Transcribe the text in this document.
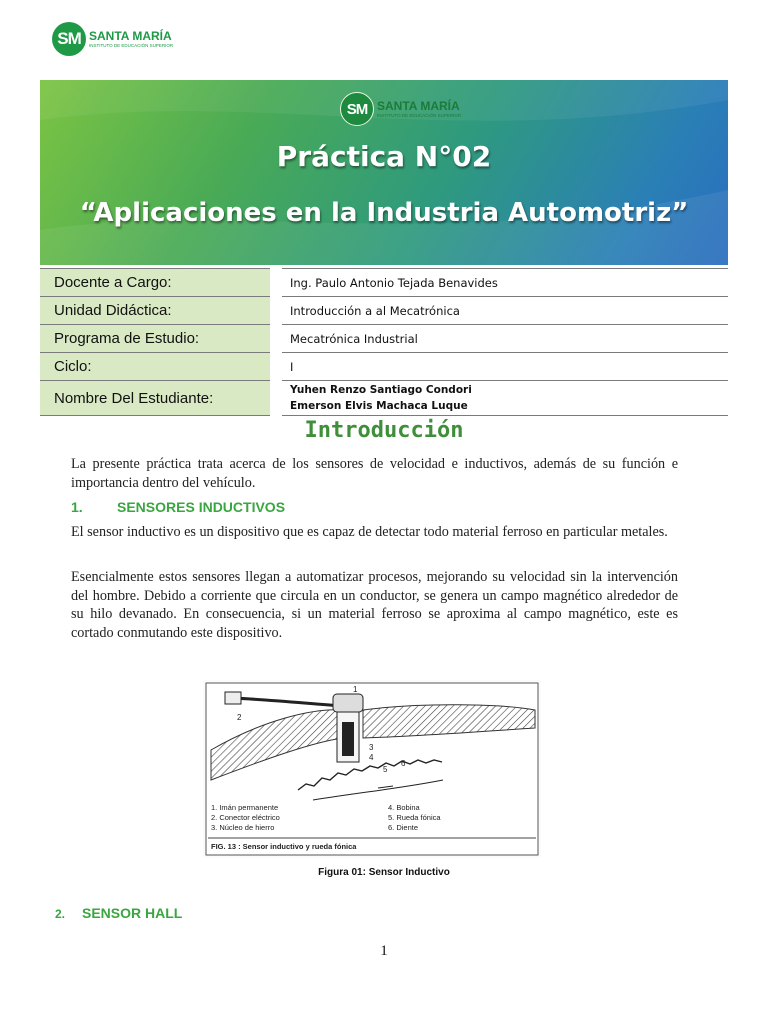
SM SANTA MARÍA
INSTITUTO DE EDUCACIÓN SUPERIOR
SM SANTA MARÍA
INSTITUTO DE EDUCACIÓN SUPERIOR
Práctica N°02
“Aplicaciones en la Industria Automotriz”
Docente a Cargo:	Ing. Paulo Antonio Tejada Benavides
Unidad Didáctica:	Introducción a al Mecatrónica
Programa de Estudio:	Mecatrónica Industrial
Ciclo:	I
Nombre Del Estudiante:	Yuhen Renzo Santiago Condori
Emerson Elvis Machaca Luque
Introducción

La presente práctica trata acerca de los sensores de velocidad e inductivos, además de su función e importancia dentro del vehículo.

1. SENSORES INDUCTIVOS

El sensor inductivo es un dispositivo que es capaz de detectar todo material ferroso en particular metales.

Esencialmente estos sensores llegan a automatizar procesos, mejorando su velocidad sin la intervención del hombre. Debido a corriente que circula en un conductor, se genera un campo magnético alrededor de su hilo devanado. En consecuencia, si un material ferroso se aproxima al campo magnético, este es cortado conmutando este dispositivo.

1
2
3
4
5
6
1. Imán permanente
2. Conector eléctrico
3. Núcleo de hierro
4. Bobina
5. Rueda fónica
6. Diente
FIG. 13 : Sensor inductivo y rueda fónica
Figura 01: Sensor Inductivo
2. SENSOR HALL
1
